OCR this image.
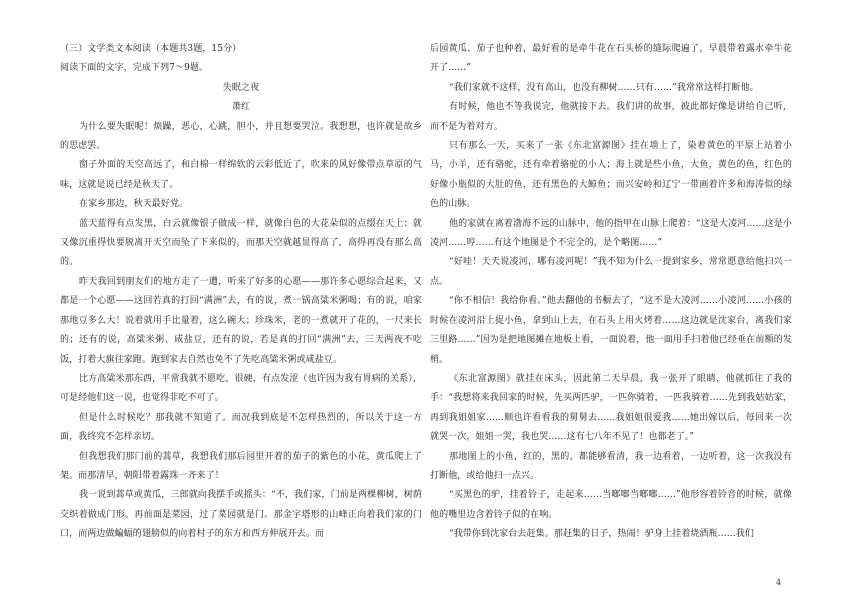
（三）文学类文本阅读（本题共3题，15分）

阅读下面的文字，完成下列7～9题。

失眠之夜

萧红

为什么要失眠呢！烦躁，恶心，心跳，胆小，并且想要哭泣。我想想，也许就是故乡的思虑罢。

窗子外面的天空高远了，和白棉一样绵软的云彩低近了，吹来的风好像带点草原的气味，这就是说已经是秋天了。

在家乡那边，秋天最好党。

蓝天蓝得有点发黑，白云就像银子做成一样，就像白色的大花朵似的点缀在天上；就又像沉重得快要脱离开天空而坠了下来似的，而那天空就越显得高了，高得再没有那么高的。

昨天我回到朋友们的地方走了一遭，听来了好多的心愿——那许多心愿综合起来，又都是一个心愿——这回若真的打回“满洲”去，有的说，煮一锅高粱米粥喝；有的说，咱家那地豆多么大！说着就用手比量着，这么碗大；珍珠米，老的一煮就开了花的，一尺来长的；还有的说，高粱米粥、咸盐豆，还有的说，若是真的打回“满洲”去，三天两夜不吃饭，打着大旗往家跑。跑到家去自然也免不了先吃高粱米粥或咸盐豆。

比方高粱米那东西，平常我就不愿吃，很硬，有点发涩（也许因为我有胃病的关系），可是经他们这一说，也觉得非吃不可了。

但是什么时候吃？那我就不知道了。而况我到底是不怎样热烈的，所以关于这一方面，我终究不怎样亲切。

但我想我们那门前的蒿草，我想我们那后园里开着的茄子的紫色的小花，黄瓜爬上了架。而那清早，朝阳带着露珠一齐来了！

我一说到蒿草或黄瓜，三郎就向我摆手或摇头：“不，我们家，门前是两棵柳树，树荫交织着做成门形。再前面是菜园，过了菜园就是门。那金字塔形的山峰正向着我们家的门口，而两边做蝙蝠的翅膀似的向着村子的东方和西方伸展开去。而

后园黄瓜、茄子也种着，最好看的是牵牛花在石头桥的缝际爬遍了，早晨带着露水牵牛花开了……”

“我们家就不这样，没有高山，也没有柳树……只有……”我常常这样打断他。

有时候，他也不等我说完，他就接下去。我们讲的故事，彼此都好像是讲给自己听，而不是为着对方。

只有那么一天，买来了一张《东北富源图》挂在墙上了，染着黄色的平原上站着小马，小羊，还有骆驼，还有牵着骆驼的小人；海上就是些小鱼，大鱼，黄色的鱼，红色的好像小瓶似的大肚的鱼，还有黑色的大鲸鱼；而兴安岭和辽宁一带画着许多和海涛似的绿色的山脉。

他的家就在离着渤海不远的山脉中，他的指甲在山脉上爬着：“这是大凌河……这是小凌河……哼……有这个地图是个不完全的，是个略图……”

“好哇！天天说凌河，哪有凌河呢！”我不知为什么一提到家乡，常常愿意给他扫兴一点。

“你不相信！我给你看。”他去翻他的书橱去了，“这不是大凌河……小凌河……小孩的时候在凌河沿上捉小鱼，拿到山上去，在石头上用火烤着……这边就是沈家台，离我们家三里路……”因为是把地图摊在地板上看，一面说着，他一面用手扫着他已经垂在前额的发梢。

《东北富源图》就挂在床头，因此第二天早晨，我一张开了眼睛，他就抓住了我的手：“我想将来我回家的时候，先买两匹驴，一匹你骑着，一匹我骑着……先到我姑姑家，再到我姐姐家……顺也许看看我的舅舅去……我姐姐很爱我……她出嫁以后，每回来一次就哭一次，姐姐一哭，我也哭……这有七八年不见了！也都老了。”

那地图上的小鱼，红的，黑的，都能够看清，我一边看着，一边听着，这一次我没有打断他，或给他扫一点兴。

“买黑色的驴，挂着铃子，走起来……当啷啷当啷啷……”他形容着铃音的时候，就像他的嘴里边含着铃子似的在响。

“我带你到沈家台去赶集。那赶集的日子，热闹！驴身上挂着烧酒瓶……我们

4
